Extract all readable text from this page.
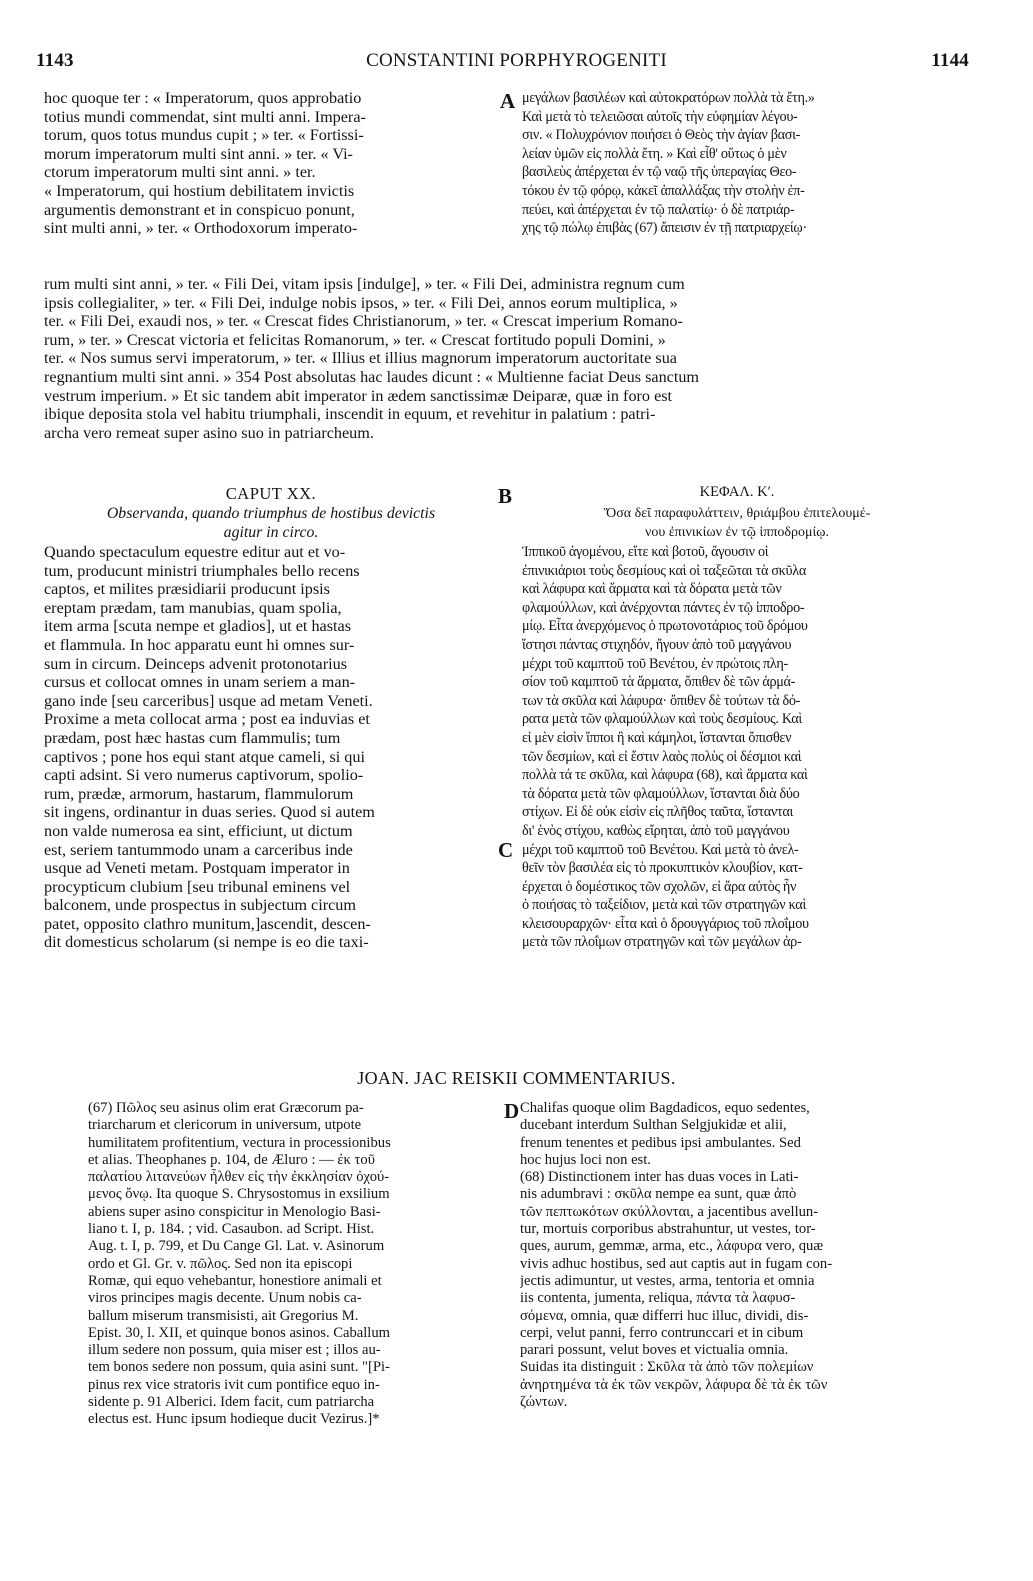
1143	CONSTANTINI PORPHYROGENITI	1144
A
B
C
D
hoc quoque ter : « Imperatorum, quos approbatio
totius mundi commendat, sint multi anni. Impera-
torum, quos totus mundus cupit ; » ter. « Fortissi-
morum imperatorum multi sint anni. » ter. « Vi-
ctorum imperatorum multi sint anni. » ter.
« Imperatorum, qui hostium debilitatem invictis
argumentis demonstrant et in conspicuo ponunt,
sint multi anni, » ter. « Orthodoxorum imperato-
μεγάλων βασιλέων καὶ αὐτοκρατόρων πολλὰ τὰ ἔτη.»
Καὶ μετὰ τὸ τελειῶσαι αὐτοῖς τὴν εὐφημίαν λέγου-
σιν. « Πολυχρόνιον ποιήσει ὁ Θεὸς τὴν ἁγίαν βασι-
λείαν ὑμῶν εἰς πολλὰ ἔτη. » Καὶ εἶθ' οὕτως ὁ μὲν
βασιλεὺς ἀπέρχεται ἐν τῷ ναῷ τῆς ὑπεραγίας Θεο-
τόκου ἐν τῷ φόρῳ, κἀκεῖ ἀπαλλάξας τὴν στολὴν ἐπ-
πεύει, καὶ ἀπέρχεται ἐν τῷ παλατίῳ· ὁ δὲ πατριάρ-
χης τῷ πώλῳ ἐπιβὰς (67) ἄπεισιν ἐν τῇ πατριαρχείῳ·
rum multi sint anni, » ter. « Fili Dei, vitam ipsis [indulge], » ter. « Fili Dei, administra regnum cum
ipsis collegialiter, » ter. « Fili Dei, indulge nobis ipsos, » ter. « Fili Dei, annos eorum multiplica, »
ter. « Fili Dei, exaudi nos, » ter. « Crescat fides Christianorum, » ter. « Crescat imperium Romano-
rum, » ter. » Crescat victoria et felicitas Romanorum, » ter. « Crescat fortitudo populi Domini, »
ter. « Nos sumus servi imperatorum, » ter. « Illius et illius magnorum imperatorum auctoritate sua
regnantium multi sint anni. » 354 Post absolutas hac laudes dicunt : « Multienne faciat Deus sanctum
vestrum imperium. » Et sic tandem abit imperator in ædem sanctissimæ Deiparæ, quæ in foro est
ibique deposita stola vel habitu triumphali, inscendit in equum, et revehitur in palatium : patri-
archa vero remeat super asino suo in patriarcheum.
CAPUT XX.	ΚΕΦΑΛ. Κʹ.
Observanda, quando triumphus de hostibus devictis
agitur in circo.
Ὅσα δεῖ παραφυλάττειν, θριάμβου ἐπιτελουμέ-
νου ἐπινικίων ἐν τῷ ἱπποδρομίῳ.
Quando spectaculum equestre editur aut et vo-
tum, producunt ministri triumphales bello recens
captos, et milites præsidiarii producunt ipsis
ereptam prædam, tam manubias, quam spolia,
item arma [scuta nempe et gladios], ut et hastas
et flammula. In hoc apparatu eunt hi omnes sur-
sum in circum. Deinceps advenit protonotarius
cursus et collocat omnes in unam seriem a man-
gano inde [seu carceribus] usque ad metam Veneti.
Proxime a meta collocat arma ; post ea induvias et
prædam, post hæc hastas cum flammulis; tum
captivos ; pone hos equi stant atque cameli, si qui
capti adsint. Si vero numerus captivorum, spolio-
rum, prædæ, armorum, hastarum, flammulorum
sit ingens, ordinantur in duas series. Quod si autem
non valde numerosa ea sint, efficiunt, ut dictum
est, seriem tantummodo unam a carceribus inde
usque ad Veneti metam. Postquam imperator in
procypticum clubium [seu tribunal eminens vel
balconem, unde prospectus in subjectum circum
patet, opposito clathro munitum,]ascendit, descen-
dit domesticus scholarum (si nempe is eo die taxi-
Ἱππικοῦ ἀγομένου, εἴτε καὶ βοτοῦ, ἄγουσιν οἱ
ἐπινικιάριοι τοὺς δεσμίους καὶ οἱ ταξεῶται τὰ σκῦλα
καὶ λάφυρα καὶ ἅρματα καὶ τὰ δόρατα μετὰ τῶν
φλαμούλλων, καὶ ἀνέρχονται πάντες ἐν τῷ ἱπποδρο-
μίῳ. Εἶτα ἀνερχόμενος ὁ πρωτονοτάριος τοῦ δρόμου
ἵστησι πάντας στιχηδόν, ἤγουν ἀπὸ τοῦ μαγγάνου
μέχρι τοῦ καμπτοῦ τοῦ Βενέτου, ἐν πρώτοις πλη-
σίον τοῦ καμπτοῦ τὰ ἅρματα, ὄπιθεν δὲ τῶν ἁρμά-
των τὰ σκῦλα καὶ λάφυρα· ὄπιθεν δὲ τούτων τὰ δό-
ρατα μετὰ τῶν φλαμούλλων καὶ τοὺς δεσμίους. Καὶ
εἰ μὲν εἰσὶν ἵπποι ἢ καὶ κάμηλοι, ἵστανται ὄπισθεν
τῶν δεσμίων, καὶ εἰ ἔστιν λαὸς πολὺς οἱ δέσμιοι καὶ
πολλὰ τά τε σκῦλα, καὶ λάφυρα (68), καὶ ἅρματα καὶ
τὰ δόρατα μετὰ τῶν φλαμούλλων, ἵστανται διὰ δύο
στίχων. Εἰ δὲ οὐκ εἰσὶν εἰς πλῆθος ταῦτα, ἵστανται
δι' ἑνὸς στίχου, καθὼς εἴρηται, ἀπὸ τοῦ μαγγάνου
μέχρι τοῦ καμπτοῦ τοῦ Βενέτου. Καὶ μετὰ τὸ ἀνελ-
θεῖν τὸν βασιλέα εἰς τὸ προκυπτικὸν κλουβίον, κατ-
έρχεται ὁ δομέστικος τῶν σχολῶν, εἰ ἄρα αὐτὸς ἦν
ὁ ποιήσας τὸ ταξείδιον, μετὰ καὶ τῶν στρατηγῶν καὶ
κλεισουραρχῶν· εἶτα καὶ ὁ δρουγγάριος τοῦ πλοΐμου
μετὰ τῶν πλοΐμων στρατηγῶν καὶ τῶν μεγάλων ἀρ-
JOAN. JAC REISKII COMMENTARIUS.
(67) Πῶλος seu asinus olim erat Græcorum pa-
triarcharum et clericorum in universum, utpote
humilitatem profitentium, vectura in processionibus
et alias. Theophanes p. 104, de Æluro : — ἐκ τοῦ
παλατίου λιτανεύων ἦλθεν εἰς τὴν ἐκκλησίαν ὀχού-
μενος ὄνῳ. Ita quoque S. Chrysostomus in exsilium
abiens super asino conspicitur in Menologio Basi-
liano t. I, p. 184. ; vid. Casaubon. ad Script. Hist.
Aug. t. I, p. 799, et Du Cange Gl. Lat. v. Asinorum
ordo et Gl. Gr. v. πῶλος. Sed non ita episcopi
Romæ, qui equo vehebantur, honestiore animali et
viros principes magis decente. Unum nobis ca-
ballum miserum transmisisti, ait Gregorius M.
Epist. 30, l. XII, et quinque bonos asinos. Caballum
illum sedere non possum, quia miser est ; illos au-
tem bonos sedere non possum, quia asini sunt. "[Pi-
pinus rex vice stratoris ivit cum pontifice equo in-
sidente p. 91 Alberici. Idem facit, cum patriarcha
electus est. Hunc ipsum hodieque ducit Vezirus.]*
Chalifas quoque olim Bagdadicos, equo sedentes,
ducebant interdum Sulthan Selgjukidæ et alii,
frenum tenentes et pedibus ipsi ambulantes. Sed
hoc hujus loci non est.
(68) Distinctionem inter has duas voces in Lati-
nis adumbravi : σκῦλα nempe ea sunt, quæ ἀπὸ
τῶν πεπτωκότων σκύλλονται, a jacentibus avellun-
tur, mortuis corporibus abstrahuntur, ut vestes, tor-
ques, aurum, gemmæ, arma, etc., λάφυρα vero, quæ
vivis adhuc hostibus, sed aut captis aut in fugam con-
jectis adimuntur, ut vestes, arma, tentoria et omnia
iis contenta, jumenta, reliqua, πάντα τὰ λαφυσ-
σόμενα, omnia, quæ differri huc illuc, dividi, dis-
cerpi, velut panni, ferro contrunccari et in cibum
parari possunt, velut boves et victualia omnia.
Suidas ita distinguit : Σκῦλα τὰ ἀπὸ τῶν πολεμίων
ἀνηρτημένα τὰ ἐκ τῶν νεκρῶν, λάφυρα δὲ τὰ ἐκ τῶν
ζώντων.
